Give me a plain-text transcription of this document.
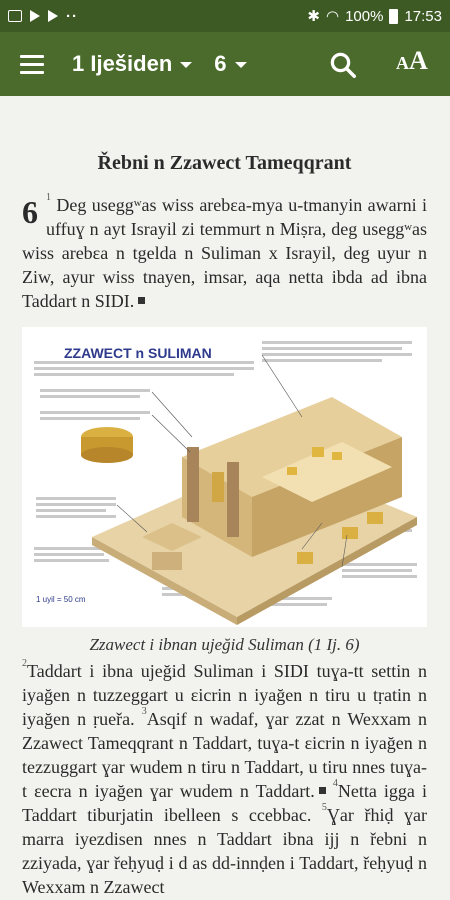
··	✱ ◠ 100% 17:53
1 Iješiden 6	AA
Řebni n Zzawect Tameqqrant
6 $^1$ Deg useggʷas wiss arebɛa-mya u-tmanyin awarni i uffuɣ n ayt Israyil zi temmurt n Miṣra, deg useggʷas wiss arebɛa n tgelda n Suliman x Israyil, deg uyur n Ziw, ayur wiss tnayen, imsar, aqa netta ibda ad ibna Taddart n SIDI.
ZZAWECT n SULIMAN
1 uyil = 50 cm
Zzawect i ibnan ujeğid Suliman (1 Ij. 6)
$^2$Taddart i ibna ujeğid Suliman i SIDI tuɣa-tt settin n iyağen n tuzzeggart u ɛicrin n iyağen n tiru u tṛatin n iyağen n ṛueřa. $^3$Asqif n wadaf, ɣar zzat n Wexxam n Zzawect Tameqqrant n Taddart, tuɣa-t ɛicrin n iyağen n tezzuggart ɣar wudem n tiru n Taddart, u tiru nnes tuɣa-t ɛecra n iyağen ɣar wudem n Taddart. $^4$Netta igga i Taddart tiburjatin ibelleen s ccebbac. $^5$Ɣar řhiḍ ɣar marra iyezdisen nnes n Taddart ibna ijj n řebni n zziyada, ɣar řeḥyuḍ i d as dd-innḍen i Taddart, řeḥyuḍ n Wexxam n Zzawect
